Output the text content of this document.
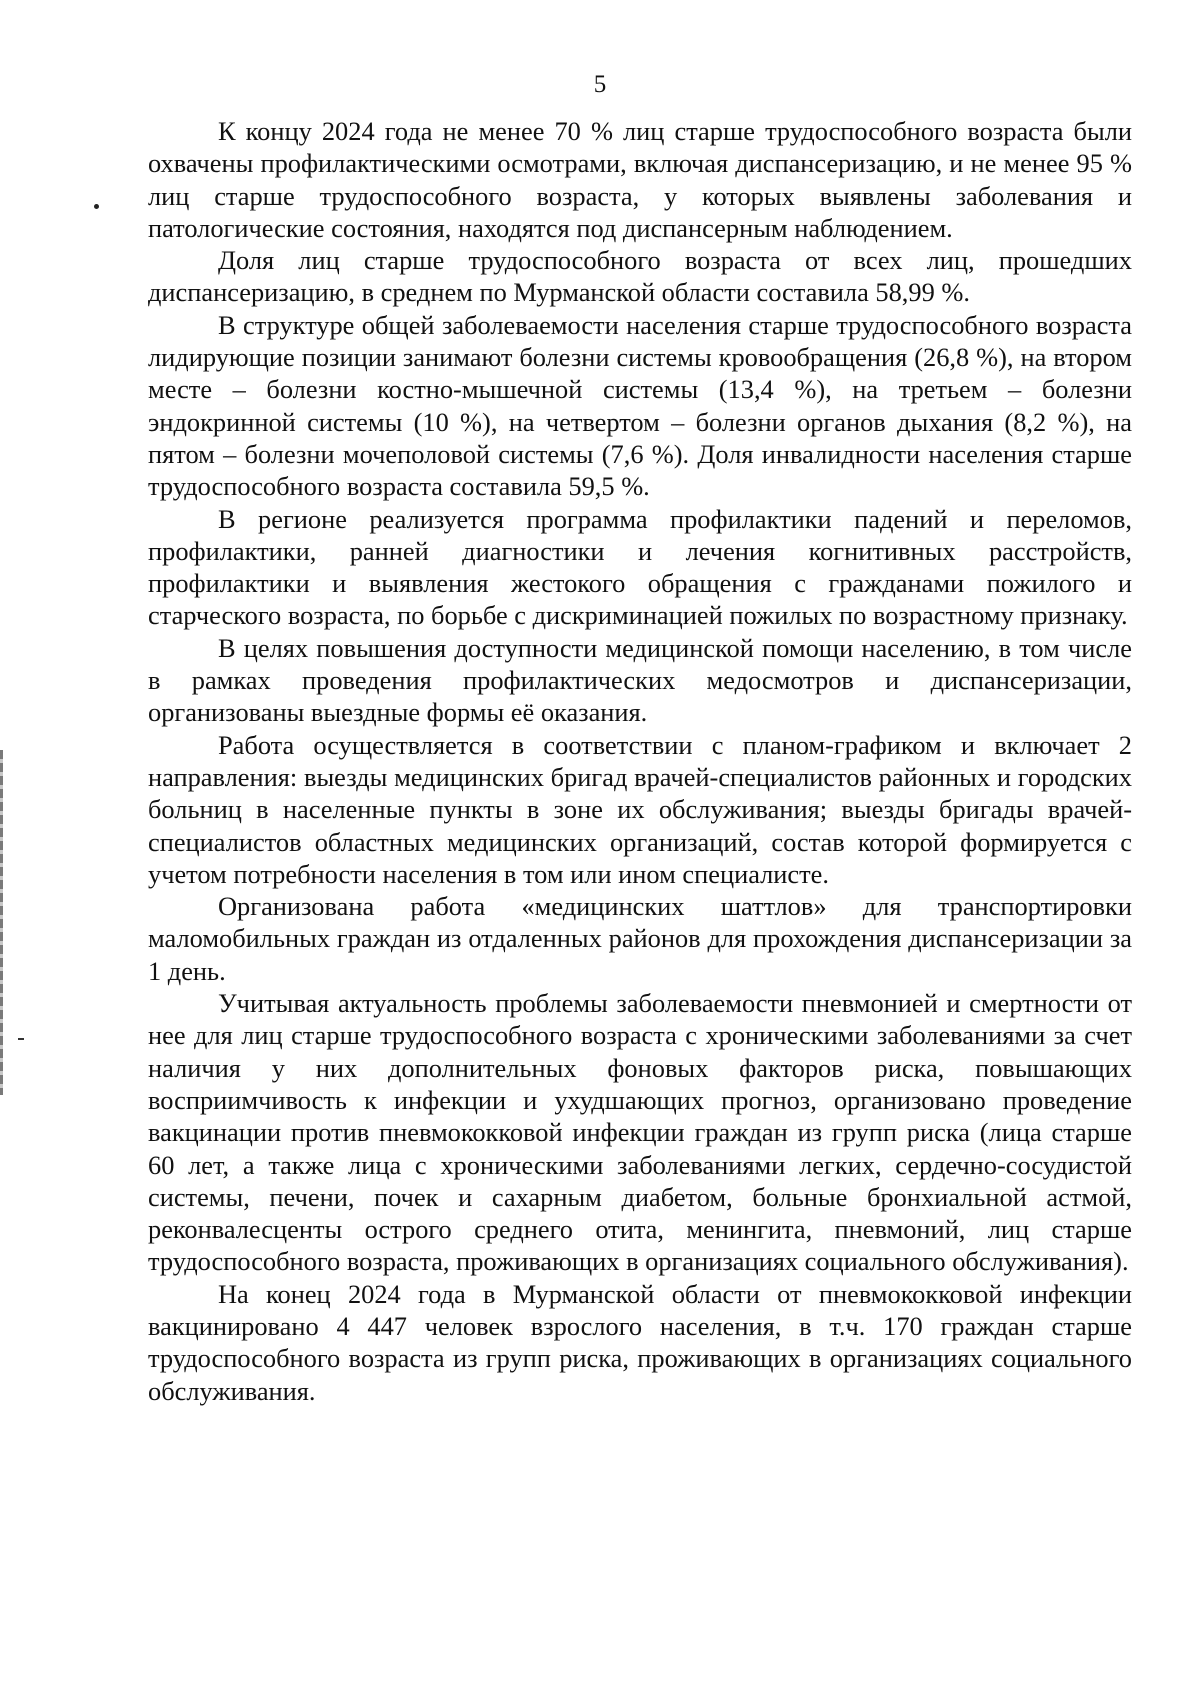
5

К концу 2024 года не менее 70 % лиц старше трудоспособного возраста были охвачены профилактическими осмотрами, включая диспансеризацию, и не менее 95 % лиц старше трудоспособного возраста, у которых выявлены заболевания и патологические состояния, находятся под диспансерным наблюдением.

Доля лиц старше трудоспособного возраста от всех лиц, прошедших диспансеризацию, в среднем по Мурманской области составила 58,99 %.

В структуре общей заболеваемости населения старше трудоспособного возраста лидирующие позиции занимают болезни системы кровообращения (26,8 %), на втором месте – болезни костно-мышечной системы (13,4 %), на третьем – болезни эндокринной системы (10 %), на четвертом – болезни органов дыхания (8,2 %), на пятом – болезни мочеполовой системы (7,6 %). Доля инвалидности населения старше трудоспособного возраста составила 59,5 %.

В регионе реализуется программа профилактики падений и переломов, профилактики, ранней диагностики и лечения когнитивных расстройств, профилактики и выявления жестокого обращения с гражданами пожилого и старческого возраста, по борьбе с дискриминацией пожилых по возрастному признаку.

В целях повышения доступности медицинской помощи населению, в том числе в рамках проведения профилактических медосмотров и диспансеризации, организованы выездные формы её оказания.

Работа осуществляется в соответствии с планом-графиком и включает 2 направления: выезды медицинских бригад врачей-специалистов районных и городских больниц в населенные пункты в зоне их обслуживания; выезды бригады врачей-специалистов областных медицинских организаций, состав которой формируется с учетом потребности населения в том или ином специалисте.

Организована работа «медицинских шаттлов» для транспортировки маломобильных граждан из отдаленных районов для прохождения диспансеризации за 1 день.

Учитывая актуальность проблемы заболеваемости пневмонией и смертности от нее для лиц старше трудоспособного возраста с хроническими заболеваниями за счет наличия у них дополнительных фоновых факторов риска, повышающих восприимчивость к инфекции и ухудшающих прогноз, организовано проведение вакцинации против пневмококковой инфекции граждан из групп риска (лица старше 60 лет, а также лица с хроническими заболеваниями легких, сердечно-сосудистой системы, печени, почек и сахарным диабетом, больные бронхиальной астмой, реконвалесценты острого среднего отита, менингита, пневмоний, лиц старше трудоспособного возраста, проживающих в организациях социального обслуживания).

На конец 2024 года в Мурманской области от пневмококковой инфекции вакцинировано 4 447 человек взрослого населения, в т.ч. 170 граждан старше трудоспособного возраста из групп риска, проживающих в организациях социального обслуживания.
